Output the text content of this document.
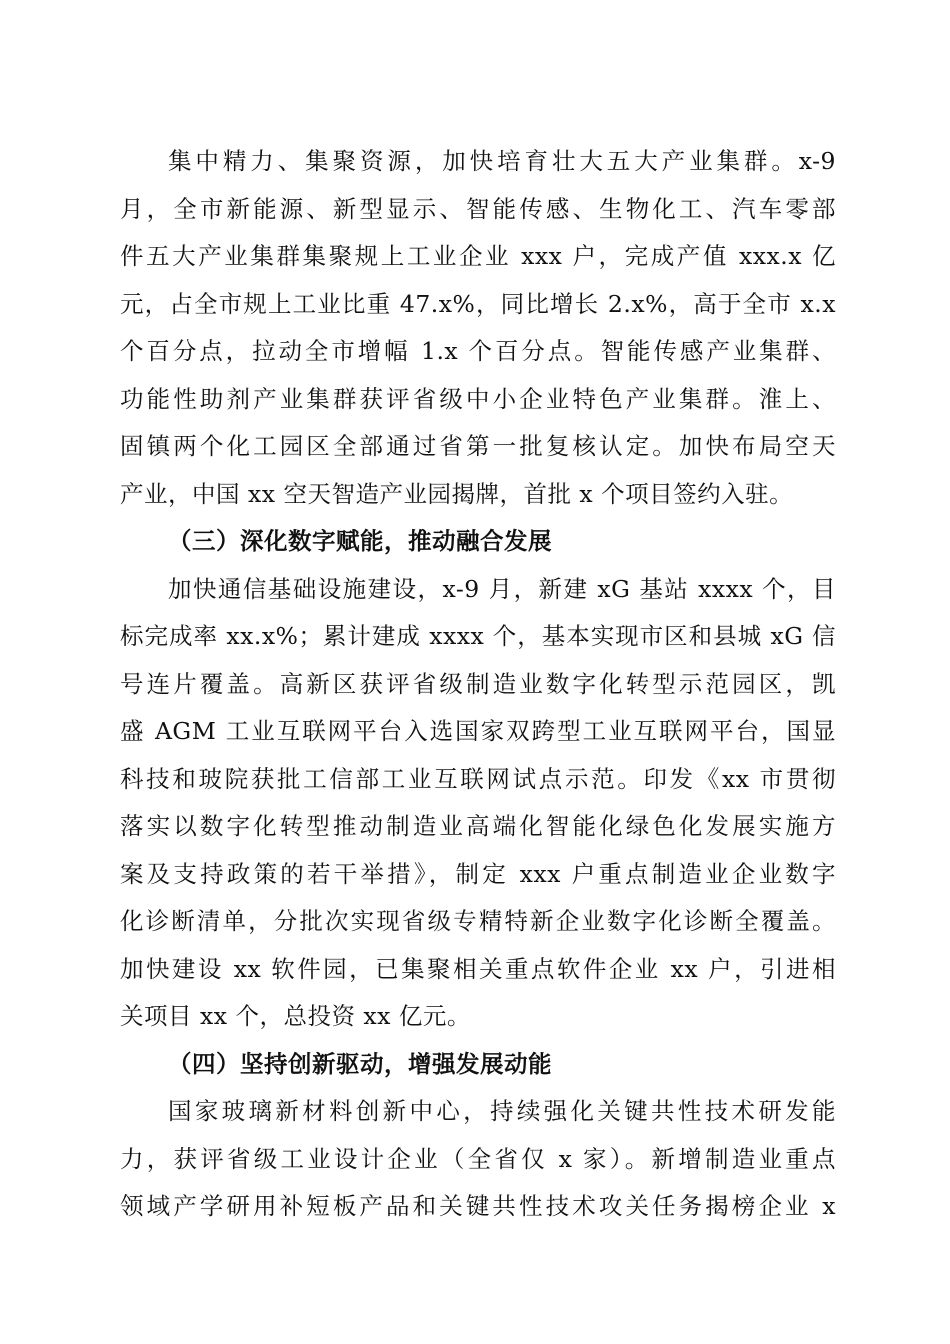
集中精力、集聚资源，加快培育壮大五大产业集群。x-9
月，全市新能源、新型显示、智能传感、生物化工、汽车零部
件五大产业集群集聚规上工业企业 xxx 户，完成产值 xxx.x 亿
元，占全市规上工业比重 47.x%，同比增长 2.x%，高于全市 x.x
个百分点，拉动全市增幅 1.x 个百分点。智能传感产业集群、
功能性助剂产业集群获评省级中小企业特色产业集群。淮上、
固镇两个化工园区全部通过省第一批复核认定。加快布局空天
产业，中国 xx 空天智造产业园揭牌，首批 x 个项目签约入驻。
（三）深化数字赋能，推动融合发展
加快通信基础设施建设，x-9 月，新建 xG 基站 xxxx 个，目
标完成率 xx.x%；累计建成 xxxx 个，基本实现市区和县城 xG 信
号连片覆盖。高新区获评省级制造业数字化转型示范园区，凯
盛 AGM 工业互联网平台入选国家双跨型工业互联网平台，国显
科技和玻院获批工信部工业互联网试点示范。印发《xx 市贯彻
落实以数字化转型推动制造业高端化智能化绿色化发展实施方
案及支持政策的若干举措》，制定 xxx 户重点制造业企业数字
化诊断清单，分批次实现省级专精特新企业数字化诊断全覆盖。
加快建设 xx 软件园，已集聚相关重点软件企业 xx 户，引进相
关项目 xx 个，总投资 xx 亿元。
（四）坚持创新驱动，增强发展动能
国家玻璃新材料创新中心，持续强化关键共性技术研发能
力，获评省级工业设计企业（全省仅 x 家）。新增制造业重点
领域产学研用补短板产品和关键共性技术攻关任务揭榜企业 x
